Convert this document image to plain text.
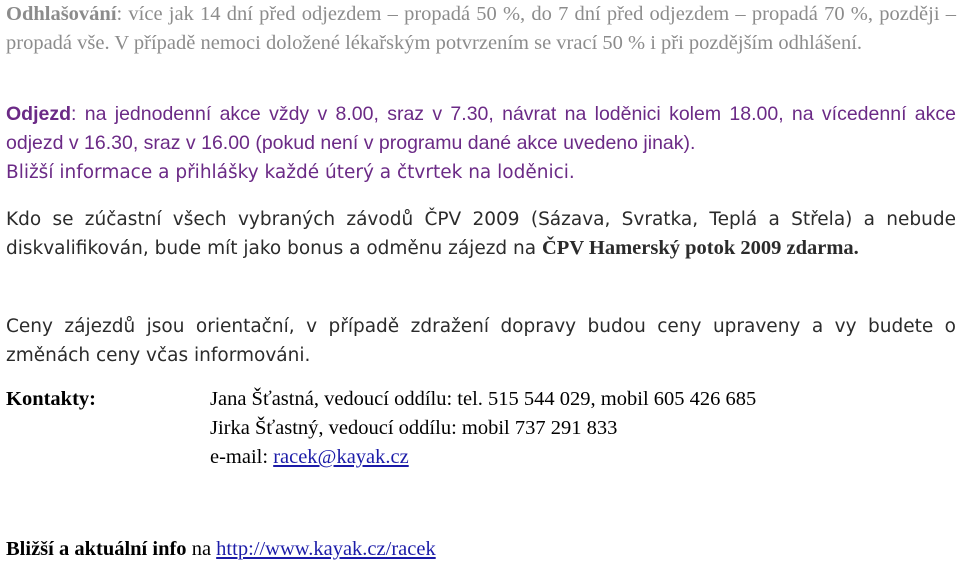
Odhlašování: více jak 14 dní před odjezdem – propadá 50 %, do 7 dní před odjezdem – propadá 70 %, později – propadá vše. V případě nemoci doložené lékařským potvrzením se vrací 50 % i při pozdějším odhlášení.

Odjezd: na jednodenní akce vždy v 8.00, sraz v 7.30, návrat na loděnici kolem 18.00, na vícedenní akce odjezd v 16.30, sraz v 16.00 (pokud není v programu dané akce uvedeno jinak).

Bližší informace a přihlášky každé úterý a čtvrtek na loděnici.

Kdo se zúčastní všech vybraných závodů ČPV 2009 (Sázava, Svratka, Teplá a Střela) a nebude diskvalifikován, bude mít jako bonus a odměnu zájezd na ČPV Hamerský potok 2009 zdarma.

Ceny zájezdů jsou orientační, v případě zdražení dopravy budou ceny upraveny a vy budete o změnách ceny včas informováni.

Kontakty:	Jana Šťastná, vedoucí oddílu: tel. 515 544 029, mobil 605 426 685
Jirka Šťastný, vedoucí oddílu: mobil 737 291 833
e-mail: racek@kayak.cz
Bližší a aktuální info na http://www.kayak.cz/racek
